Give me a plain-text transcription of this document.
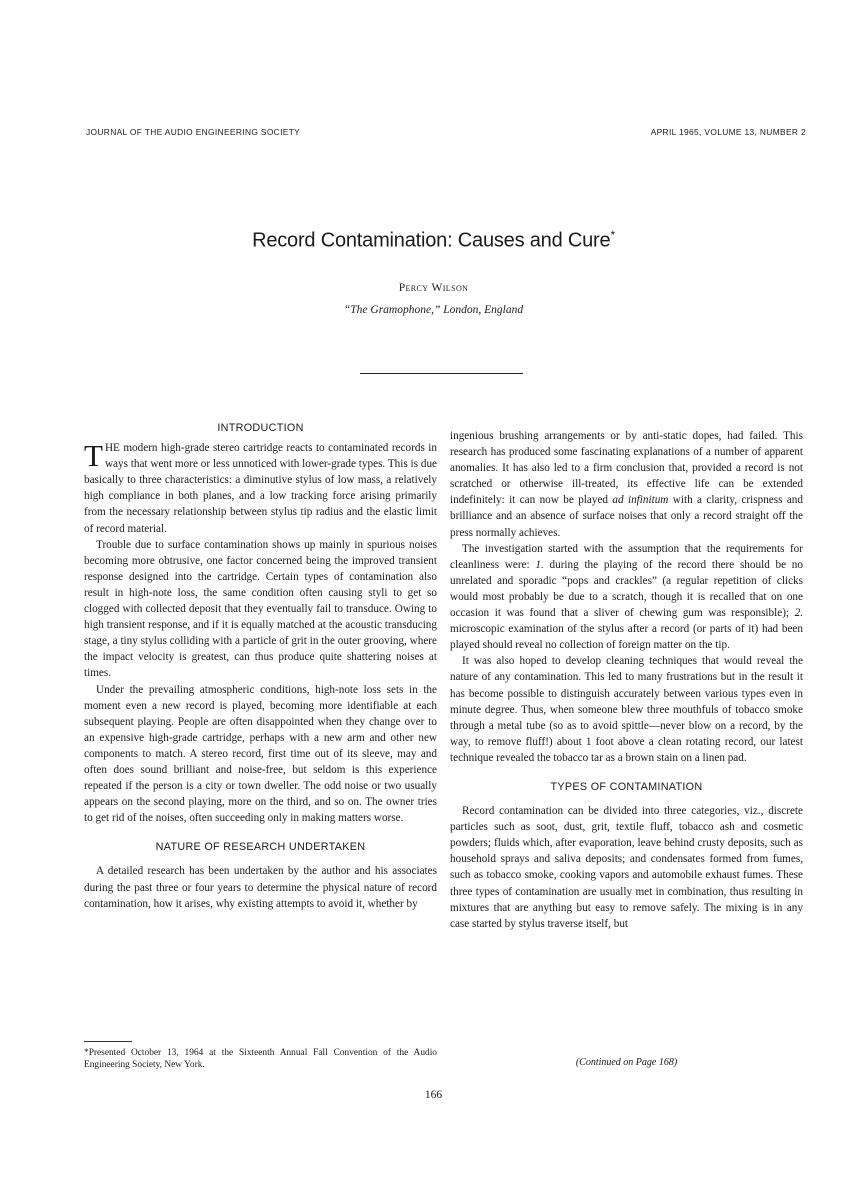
JOURNAL OF THE AUDIO ENGINEERING SOCIETY	APRIL 1965, VOLUME 13, NUMBER 2
Record Contamination: Causes and Cure*
Percy Wilson
“The Gramophone,” London, England
INTRODUCTION

THE modern high-grade stereo cartridge reacts to contaminated records in ways that went more or less unnoticed with lower-grade types. This is due basically to three characteristics: a diminutive stylus of low mass, a relatively high compliance in both planes, and a low tracking force arising primarily from the necessary relationship between stylus tip radius and the elastic limit of record material.

Trouble due to surface contamination shows up mainly in spurious noises becoming more obtrusive, one factor concerned being the improved transient response designed into the cartridge. Certain types of contamination also result in high-note loss, the same condition often causing styli to get so clogged with collected deposit that they eventually fail to transduce. Owing to high transient response, and if it is equally matched at the acoustic transducing stage, a tiny stylus colliding with a particle of grit in the outer grooving, where the impact velocity is greatest, can thus produce quite shattering noises at times.

Under the prevailing atmospheric conditions, high-note loss sets in the moment even a new record is played, becoming more identifiable at each subsequent playing. People are often disappointed when they change over to an expensive high-grade cartridge, perhaps with a new arm and other new components to match. A stereo record, first time out of its sleeve, may and often does sound brilliant and noise-free, but seldom is this experience repeated if the person is a city or town dweller. The odd noise or two usually appears on the second playing, more on the third, and so on. The owner tries to get rid of the noises, often succeeding only in making matters worse.

NATURE OF RESEARCH UNDERTAKEN

A detailed research has been undertaken by the author and his associates during the past three or four years to determine the physical nature of record contamination, how it arises, why existing attempts to avoid it, whether by

*Presented October 13, 1964 at the Sixteenth Annual Fall Convention of the Audio Engineering Society, New York.

ingenious brushing arrangements or by anti-static dopes, had failed. This research has produced some fascinating explanations of a number of apparent anomalies. It has also led to a firm conclusion that, provided a record is not scratched or otherwise ill-treated, its effective life can be extended indefinitely: it can now be played ad infinitum with a clarity, crispness and brilliance and an absence of surface noises that only a record straight off the press normally achieves.

The investigation started with the assumption that the requirements for cleanliness were: 1. during the playing of the record there should be no unrelated and sporadic “pops and crackles” (a regular repetition of clicks would most probably be due to a scratch, though it is recalled that on one occasion it was found that a sliver of chewing gum was responsible); 2. microscopic examination of the stylus after a record (or parts of it) had been played should reveal no collection of foreign matter on the tip.

It was also hoped to develop cleaning techniques that would reveal the nature of any contamination. This led to many frustrations but in the result it has become possible to distinguish accurately between various types even in minute degree. Thus, when someone blew three mouthfuls of tobacco smoke through a metal tube (so as to avoid spittle—never blow on a record, by the way, to remove fluff!) about 1 foot above a clean rotating record, our latest technique revealed the tobacco tar as a brown stain on a linen pad.

TYPES OF CONTAMINATION

Record contamination can be divided into three categories, viz., discrete particles such as soot, dust, grit, textile fluff, tobacco ash and cosmetic powders; fluids which, after evaporation, leave behind crusty deposits, such as household sprays and saliva deposits; and condensates formed from fumes, such as tobacco smoke, cooking vapors and automobile exhaust fumes. These three types of contamination are usually met in combination, thus resulting in mixtures that are anything but easy to remove safely. The mixing is in any case started by stylus traverse itself, but

(Continued on Page 168)
166
